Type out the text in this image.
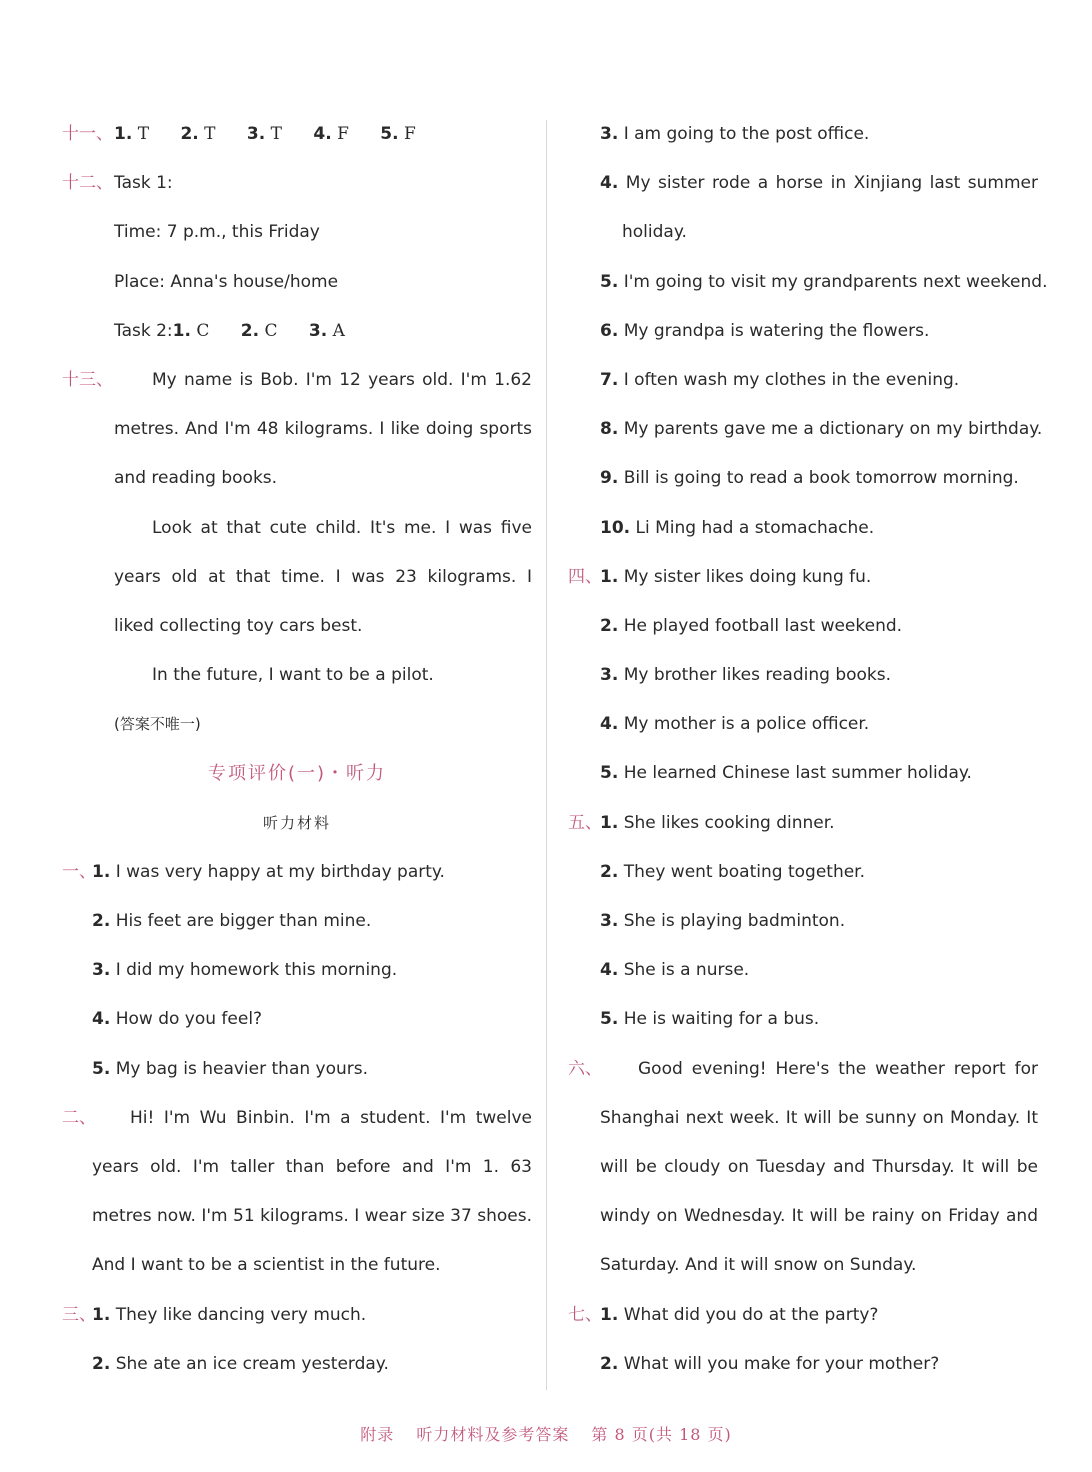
十一、 1. T 2. T 3. T 4. F 5. F
十二、 Task 1:
Time: 7 p.m., this Friday
Place: Anna's house/home
Task 2:1. C 2. C 3. A
十三、	My name is Bob. I'm 12 years old. I'm 1.62
metres. And I'm 48 kilograms. I like doing sports
and reading books.
Look at that cute child. It's me. I was five
years old at that time. I was 23 kilograms. I
liked collecting toy cars best.
In the future, I want to be a pilot.
(答案不唯一)
专项评价(一)・听力
听力材料
一、
1. I was very happy at my birthday party.
2. His feet are bigger than mine.
3. I did my homework this morning.
4. How do you feel?
5. My bag is heavier than yours.
二、	Hi! I'm Wu Binbin. I'm a student. I'm twelve
years old. I'm taller than before and I'm 1. 63
metres now. I'm 51 kilograms. I wear size 37 shoes.
And I want to be a scientist in the future.
三、
1. They like dancing very much.
2. She ate an ice cream yesterday.
3. I am going to the post office.
4. My sister rode a horse in Xinjiang last summer
holiday.
5. I'm going to visit my grandparents next weekend.
6. My grandpa is watering the flowers.
7. I often wash my clothes in the evening.
8. My parents gave me a dictionary on my birthday.
9. Bill is going to read a book tomorrow morning.
10. Li Ming had a stomachache.
四、
1. My sister likes doing kung fu.
2. He played football last weekend.
3. My brother likes reading books.
4. My mother is a police officer.
5. He learned Chinese last summer holiday.
五、
1. She likes cooking dinner.
2. They went boating together.
3. She is playing badminton.
4. She is a nurse.
5. He is waiting for a bus.
六、	Good evening! Here's the weather report for
Shanghai next week. It will be sunny on Monday. It
will be cloudy on Tuesday and Thursday. It will be
windy on Wednesday. It will be rainy on Friday and
Saturday. And it will snow on Sunday.
七、
1. What did you do at the party?
2. What will you make for your mother?
附录 听力材料及参考答案 第 8 页(共 18 页)
